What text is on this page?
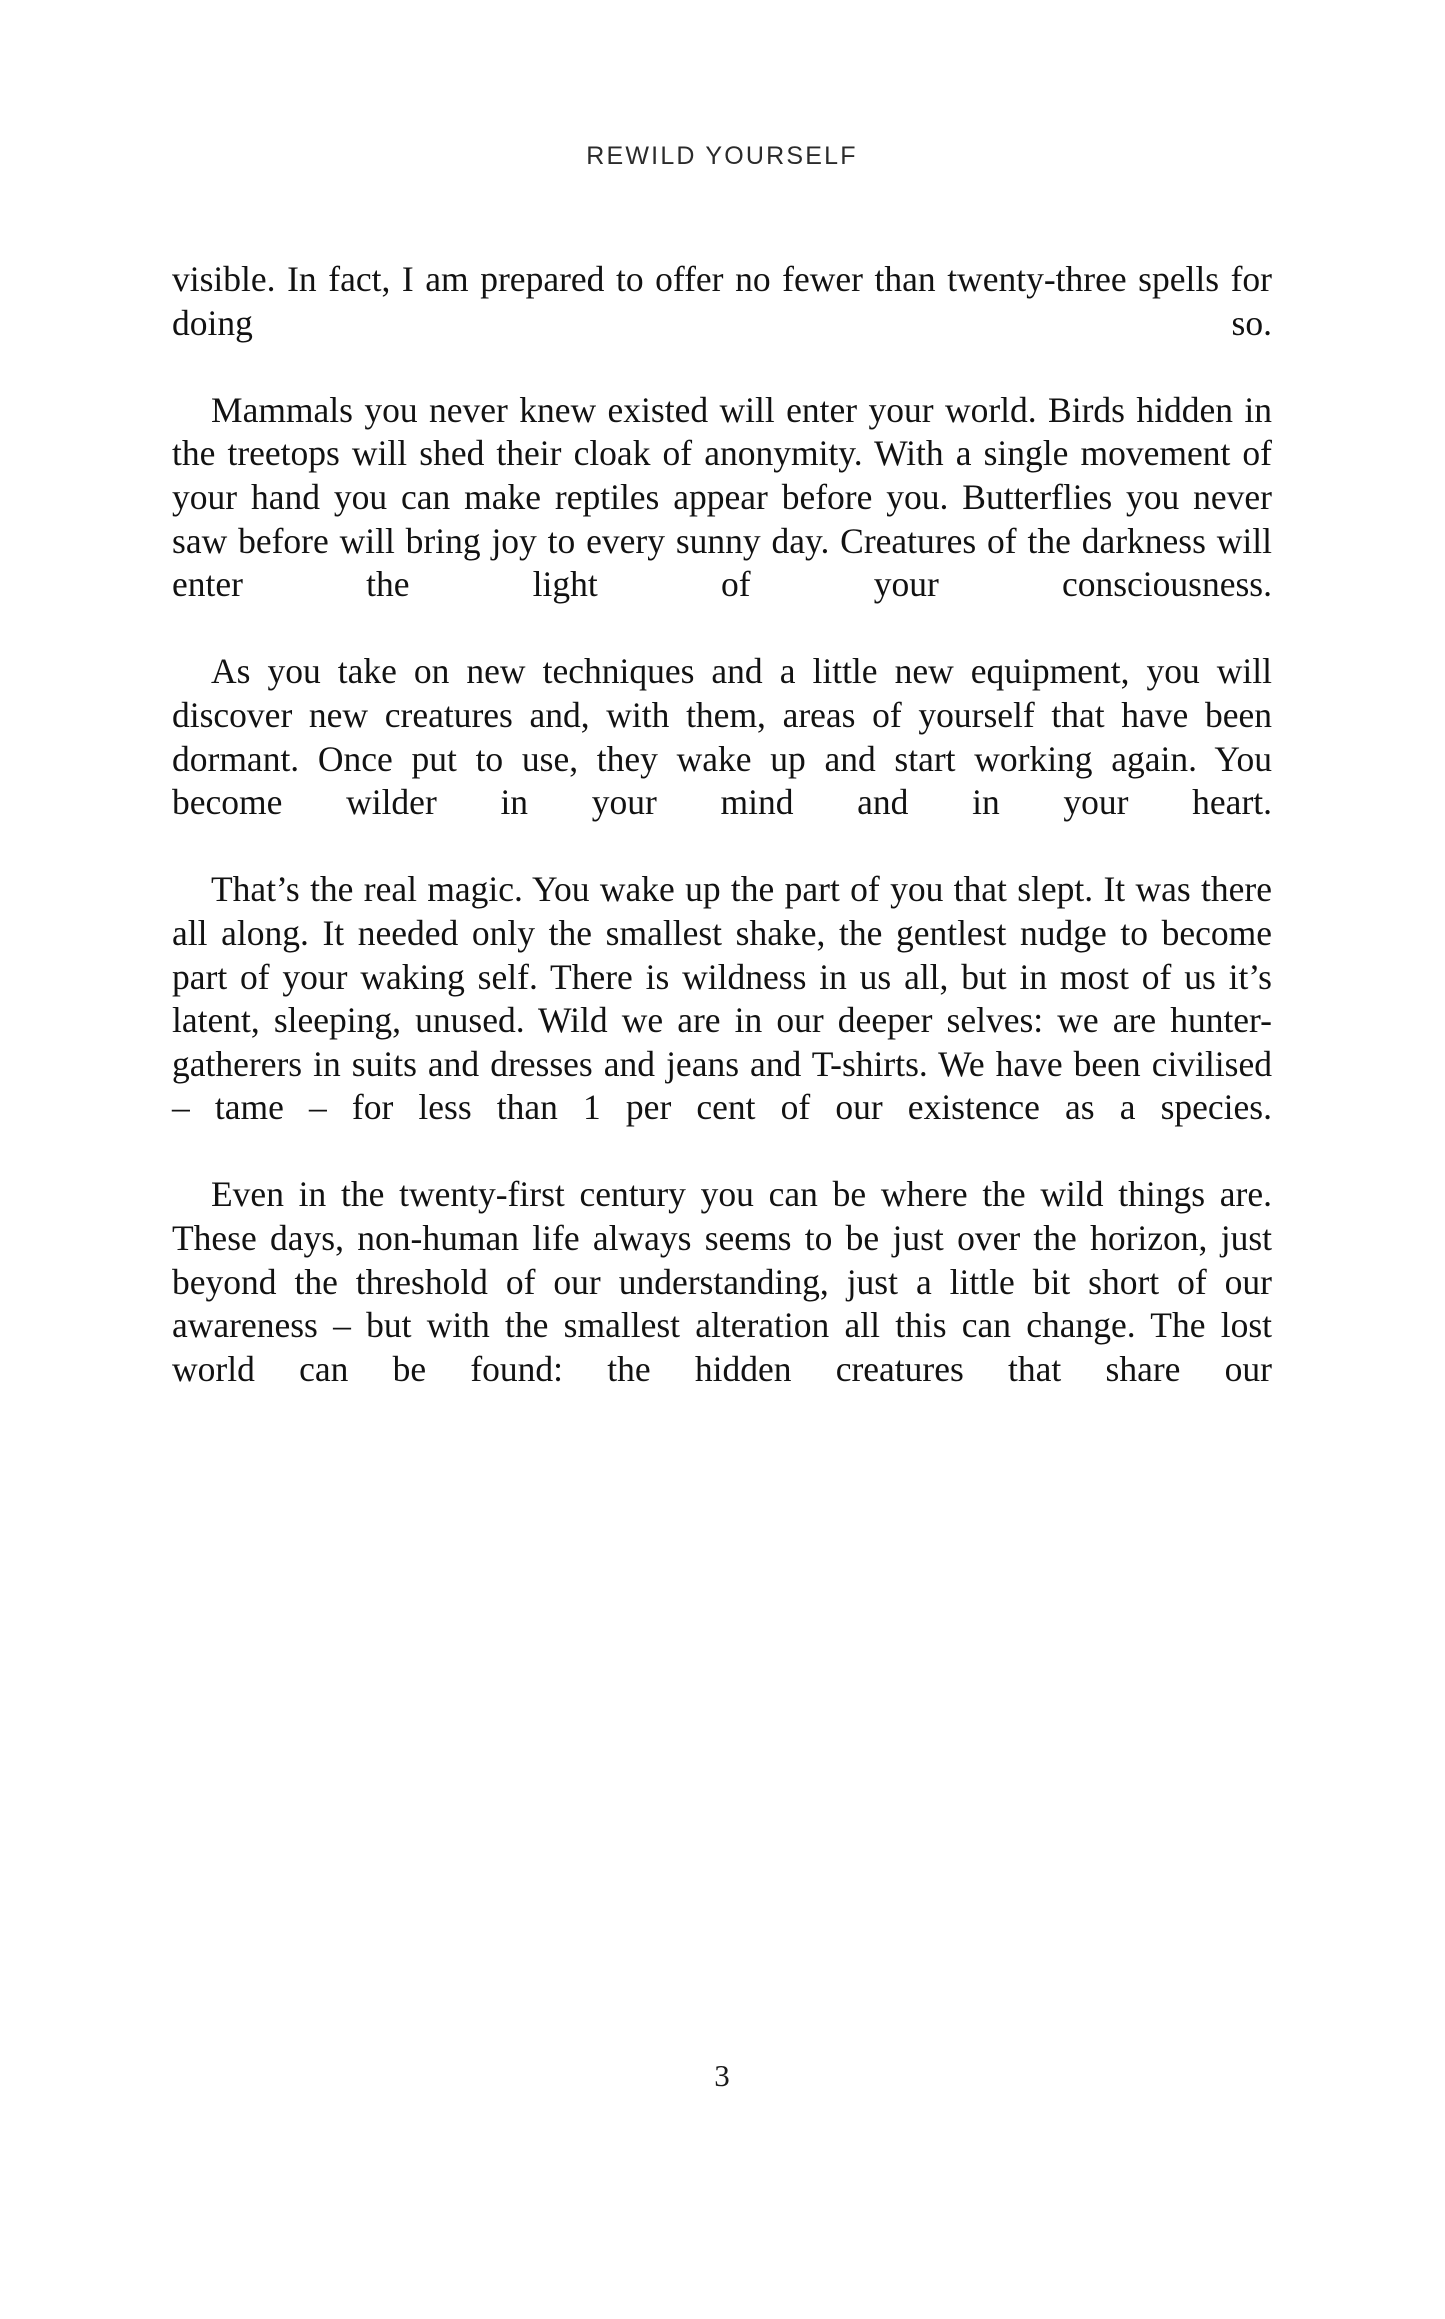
REWILD YOURSELF

visible. In fact, I am prepared to offer no fewer than twenty-three spells for doing so.

Mammals you never knew existed will enter your world. Birds hidden in the treetops will shed their cloak of anonymity. With a single movement of your hand you can make reptiles appear before you. Butterflies you never saw before will bring joy to every sunny day. Creatures of the darkness will enter the light of your consciousness.

As you take on new techniques and a little new equipment, you will discover new creatures and, with them, areas of yourself that have been dormant. Once put to use, they wake up and start working again. You become wilder in your mind and in your heart.

That’s the real magic. You wake up the part of you that slept. It was there all along. It needed only the smallest shake, the gentlest nudge to become part of your waking self. There is wildness in us all, but in most of us it’s latent, sleeping, unused. Wild we are in our deeper selves: we are hunter-gatherers in suits and dresses and jeans and T-shirts. We have been civilised – tame – for less than 1 per cent of our existence as a species.

Even in the twenty-first century you can be where the wild things are. These days, non-human life always seems to be just over the horizon, just beyond the threshold of our understanding, just a little bit short of our awareness – but with the smallest alteration all this can change. The lost world can be found: the hidden creatures that share our

3
